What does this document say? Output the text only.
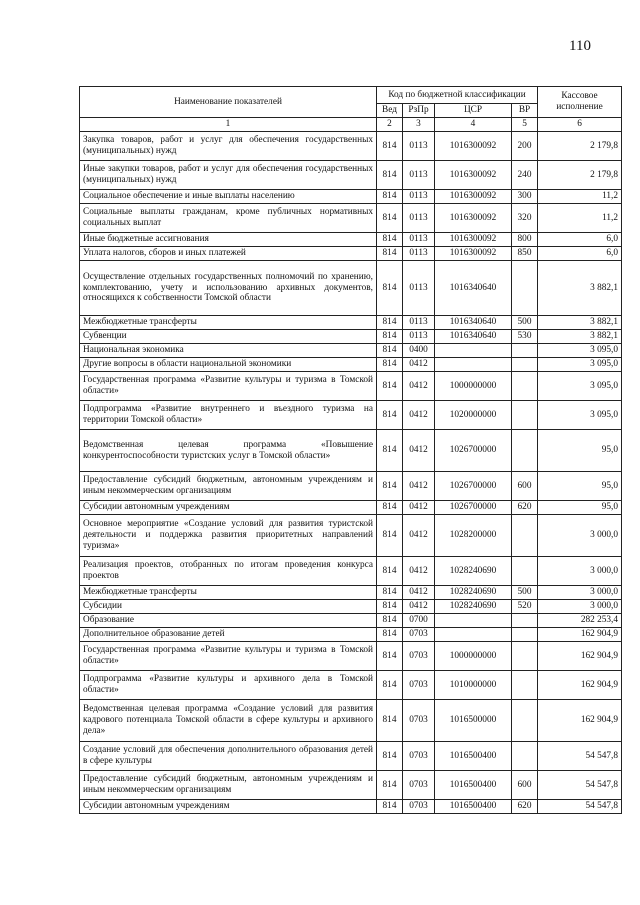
110
Наименование показателей	Код по бюджетной классификации				Кассовое
исполнение
	Вед	РзПр	ЦСР	ВР	
1	2	3	4	5	6
Закупка товаров, работ и услуг для обеспечения государственных (муниципальных) нужд	814	0113	1016300092	200	2 179,8
Иные закупки товаров, работ и услуг для обеспечения государственных (муниципальных) нужд	814	0113	1016300092	240	2 179,8
Социальное обеспечение и иные выплаты населению	814	0113	1016300092	300	11,2
Социальные выплаты гражданам, кроме публичных нормативных социальных выплат	814	0113	1016300092	320	11,2
Иные бюджетные ассигнования	814	0113	1016300092	800	6,0
Уплата налогов, сборов и иных платежей	814	0113	1016300092	850	6,0
Осуществление отдельных государственных полномочий по хранению, комплектованию, учету и использованию архивных документов, относящихся к собственности Томской области	814	0113	1016340640		3 882,1
Межбюджетные трансферты	814	0113	1016340640	500	3 882,1
Субвенции	814	0113	1016340640	530	3 882,1
Национальная экономика	814	0400			3 095,0
Другие вопросы в области национальной экономики	814	0412			3 095,0
Государственная программа «Развитие культуры и туризма в Томской области»	814	0412	1000000000		3 095,0
Подпрограмма «Развитие внутреннего и въездного туризма на территории Томской области»	814	0412	1020000000		3 095,0
Ведомственная целевая программа «Повышение конкурентоспособности туристских услуг в Томской области»	814	0412	1026700000		95,0
Предоставление субсидий бюджетным, автономным учреждениям и иным некоммерческим организациям	814	0412	1026700000	600	95,0
Субсидии автономным учреждениям	814	0412	1026700000	620	95,0
Основное мероприятие «Создание условий для развития туристской деятельности и поддержка развития приоритетных направлений туризма»	814	0412	1028200000		3 000,0
Реализация проектов, отобранных по итогам проведения конкурса проектов	814	0412	1028240690		3 000,0
Межбюджетные трансферты	814	0412	1028240690	500	3 000,0
Субсидии	814	0412	1028240690	520	3 000,0
Образование	814	0700			282 253,4
Дополнительное образование детей	814	0703			162 904,9
Государственная программа «Развитие культуры и туризма в Томской области»	814	0703	1000000000		162 904,9
Подпрограмма «Развитие культуры и архивного дела в Томской области»	814	0703	1010000000		162 904,9
Ведомственная целевая программа «Создание условий для развития кадрового потенциала Томской области в сфере культуры и архивного дела»	814	0703	1016500000		162 904,9
Создание условий для обеспечения дополнительного образования детей в сфере культуры	814	0703	1016500400		54 547,8
Предоставление субсидий бюджетным, автономным учреждениям и иным некоммерческим организациям	814	0703	1016500400	600	54 547,8
Субсидии автономным учреждениям	814	0703	1016500400	620	54 547,8
